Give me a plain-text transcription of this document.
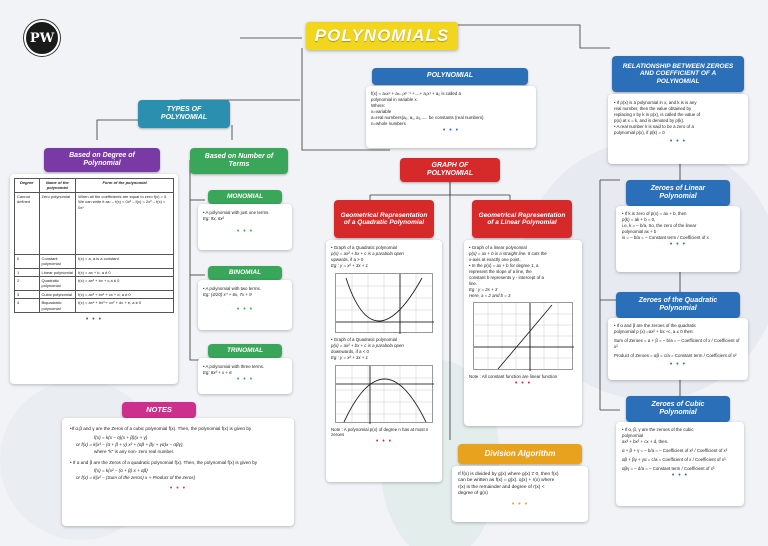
PW	POLYNOMIALS
POLYNOMIAL
f(x) = aₙxⁿ + aₙ₋₁xⁿ⁻¹ +....+ a₁x¹ + a₀ is called a
polynomial in variable x
Where:
x=variable
a=real numbers(a₀, a₁, a₂,..... be constants (real numbers)
n=whole numbers
• • •
TYPES OF POLYNOMIAL
Based on Degree of Polynomial
Degree	Name of the polynomial	Form of the polynomial
Cannot defined	Zero polynomial	When all the coefficients are equal to zero f(x) = 0. We can write it as: – f(x) = 0x² – f(x) = 2x⁰ – f(x) = 0x¹
0	Constant polynomial	f(x) = a, a is a constant
1	Linear polynomial	f(x) = ax + b, a ≠ 0
2	Quadratic polynomial	f(x) = ax² + bx + c,a ≠ 0
3	Cubic polynomial	f(x) = ax³ + bx² + cx + d, a ≠ 0
4	Biquadratic polynomial	f(x) = ax⁴ + bx³ + cx² + dx + e, a ≠ 0
• • •
Based on Number of Terms
MONOMIAL
• A polynomial with just one terms.
Eg: 9x, 6x²
• • •
BINOMIAL
• A polynomial with two terms.
Eg: (4/20) x⁰ + 6x, 7x + 9
• • •
TRINOMIAL
• A polynomial with three terms.
Eg: 6x² + x + 6
• • •
NOTES
•If α,β and γ are the Zeros of a cubic polynomial f(x). Then, the polynomial f(x) is given by
f(x) = k(x – α)(x + β)(x + γ)
or f(x) = k{x³ – (α + β + γ) x² + (αβ + βγ + γα)x – αβγ},
where "k" is any non- zero real number.
• If α and β are the Zeros of a quadratic polynomial f(x). Then, the polynomial f(x) is given by
f(x) = k{x² – (α + β) x + αβ}
or f(x) = k{x² – (Sum of the zeros) x + Product of the zeros}
• • •
GRAPH OF POLYNOMIAL
Geometrical Representation of a Quadratic Polynomial
• Graph of a Quadratic polynomial
p(x) = ax² + bx + c is a parabola open
upwards, if a > 0
Eg : y = x² + 3x + 1
• Graph of a Quadratic polynomial
p(x) = ax² + bx + c is a parabola open
downwards, if a < 0
Eg : y = x² + 3x + 1
Note : A polynomial p(x) of degree n has at most n zeroes
• • •
Geometrical Representation of a Linear Polynomial
• Graph of a linear polynomial
p(x) = ax + b is a straight line. It cuts the
x-axis at exactly one point.
• In the p(x) = ax + b for degree 1, a
represent the slope of a line, the
constant b represents y - intercept of a
line.
Eg : y = 2x + 3
Here, a = 2 and b = 3
Note : All constant function are linear function
• • •
Division Algorithm
If f(x) is divided by g(x) where g(x) ≠ 0, then f(x)
can be written as f(x) = g(x). q(x) + r(x) where
r(x) is the remainder and degree of r(x) <
degree of g(x)
• • •
RELATIONSHIP BETWEEN ZEROES AND COEFFICIENT OF A POLYNOMIAL
• If p(x) is a polynomial in x, and k is is any
real number, then the value obtained by
replacing x by k in p(x), is called the value of
p(x) at x = k, and is denoted by p(k).
• A real number k is said to be a zero of a
polynomial p(x), if p(k) = 0
• • •
Zeroes of Linear Polynomial
• If k is zero of p(x) = ax + b, then
p(k) = ak + b = 0,
i.e, k = – b/a, So, the zero of the linear
polynomial ax + b
is = – b/a = – Constant term / Coefficient of x
• • •
Zeroes of the Quadratic Polynomial
• If α and β are the zeroes of the quadratic
polynomial p (x) =ax² + bx +c, a ≠ 0 then:
Sum of Zeroes = α + β = – b/a = – Coefficient of x / Coefficient of x²
Product of Zeroes = αβ = c/a = Constant term / Coefficient of x²
• • •
Zeroes of Cubic Polynomial
• If α, β, γ are the zeroes of the cubic
polynomial
ax³ + bx² + cx + d, then.
α + β + γ = – b/a = – Coefficient of x² / Coefficient of x³
αβ + βγ + γα = c/a = Coefficient of x / Coefficient of x³
αβγ = – d/a = – Constant term / Coefficient of x³
• • •
